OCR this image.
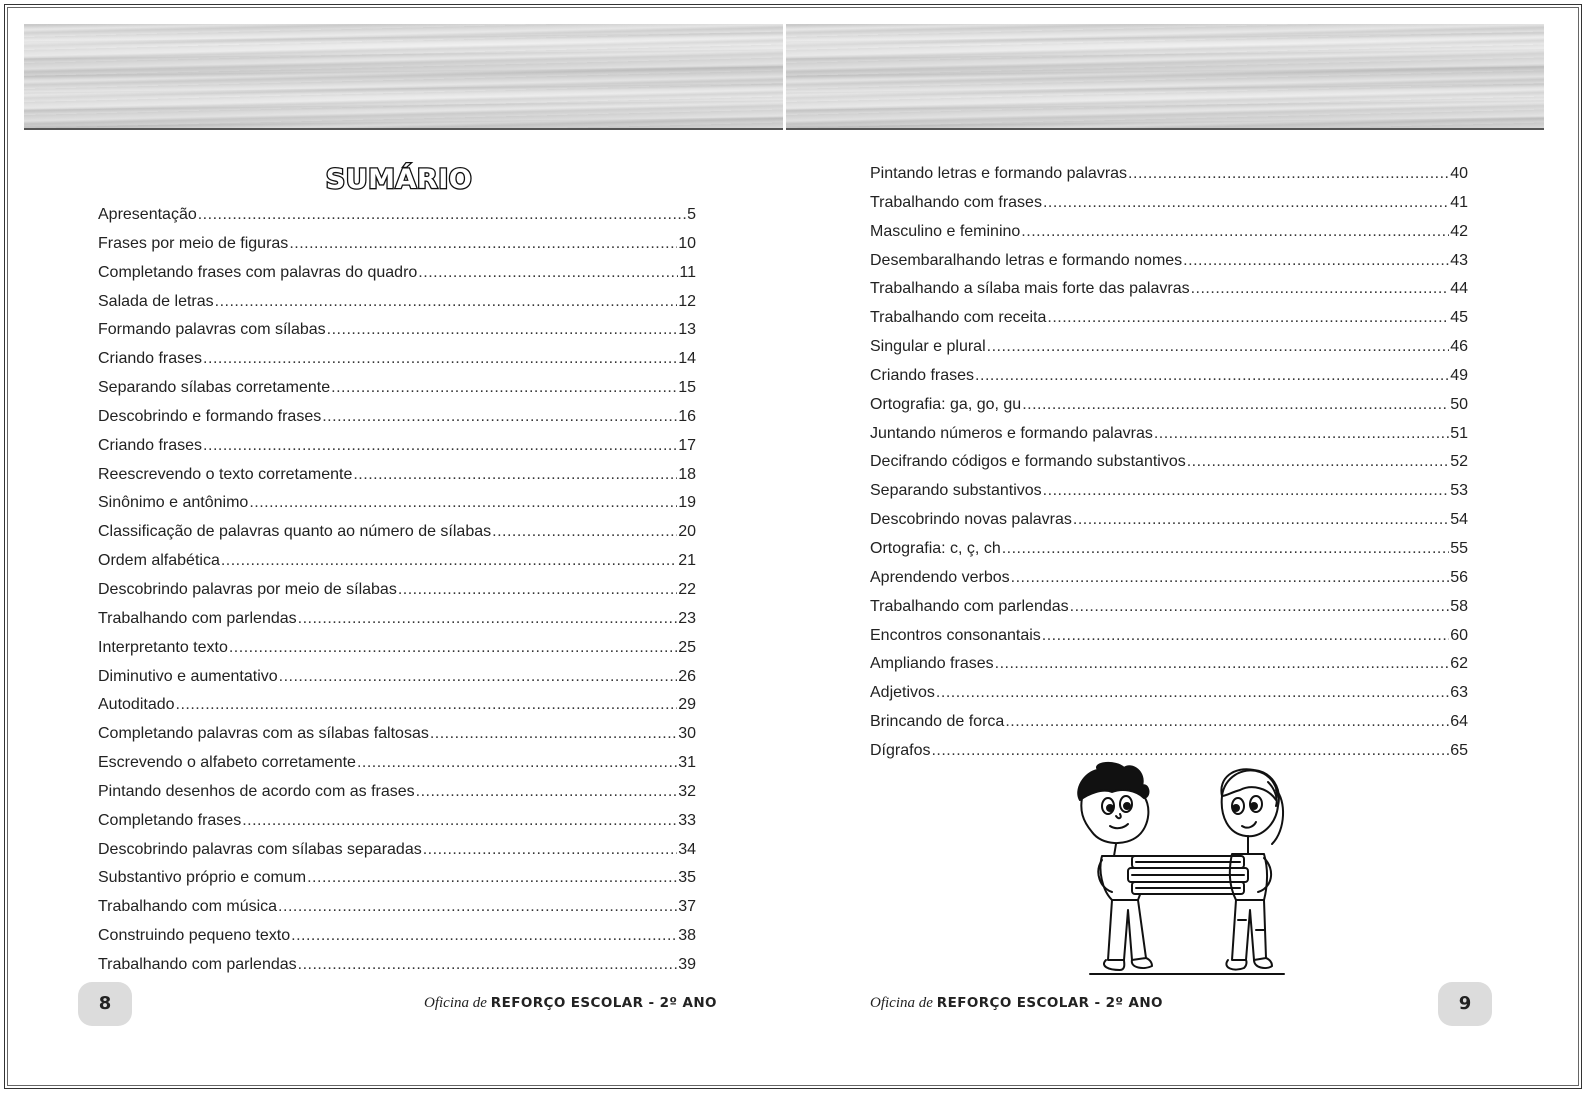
SUMÁRIO
Apresentação .....	5
Frases por meio de figuras .....	10
Completando frases com palavras do quadro .....	11
Salada de letras .....	12
Formando palavras com sílabas .....	13
Criando frases .....	14
Separando sílabas corretamente .....	15
Descobrindo e formando frases .....	16
Criando frases .....	17
Reescrevendo o texto corretamente .....	18
Sinônimo e antônimo .....	19
Classificação de palavras quanto ao número de sílabas .....	20
Ordem alfabética .....	21
Descobrindo palavras por meio de sílabas .....	22
Trabalhando com parlendas .....	23
Interpretanto texto .....	25
Diminutivo e aumentativo .....	26
Autoditado .....	29
Completando palavras com as sílabas faltosas .....	30
Escrevendo o alfabeto corretamente .....	31
Pintando desenhos de acordo com as frases .....	32
Completando frases .....	33
Descobrindo palavras com sílabas separadas .....	34
Substantivo próprio e comum .....	35
Trabalhando com música .....	37
Construindo pequeno texto .....	38
Trabalhando com parlendas .....	39
Pintando letras e formando palavras .....	40
Trabalhando com frases .....	41
Masculino e feminino .....	42
Desembaralhando letras e formando nomes .....	43
Trabalhando a sílaba mais forte das palavras .....	44
Trabalhando com receita .....	45
Singular e plural .....	46
Criando frases .....	49
Ortografia: ga, go, gu .....	50
Juntando números e formando palavras .....	51
Decifrando códigos e formando substantivos .....	52
Separando substantivos .....	53
Descobrindo novas palavras .....	54
Ortografia: c, ç, ch .....	55
Aprendendo verbos .....	56
Trabalhando com parlendas .....	58
Encontros consonantais .....	60
Ampliando frases .....	62
Adjetivos .....	63
Brincando de forca .....	64
Dígrafos .....	65
8	9
Oficina de REFORÇO ESCOLAR - 2º ANO	Oficina de REFORÇO ESCOLAR - 2º ANO
